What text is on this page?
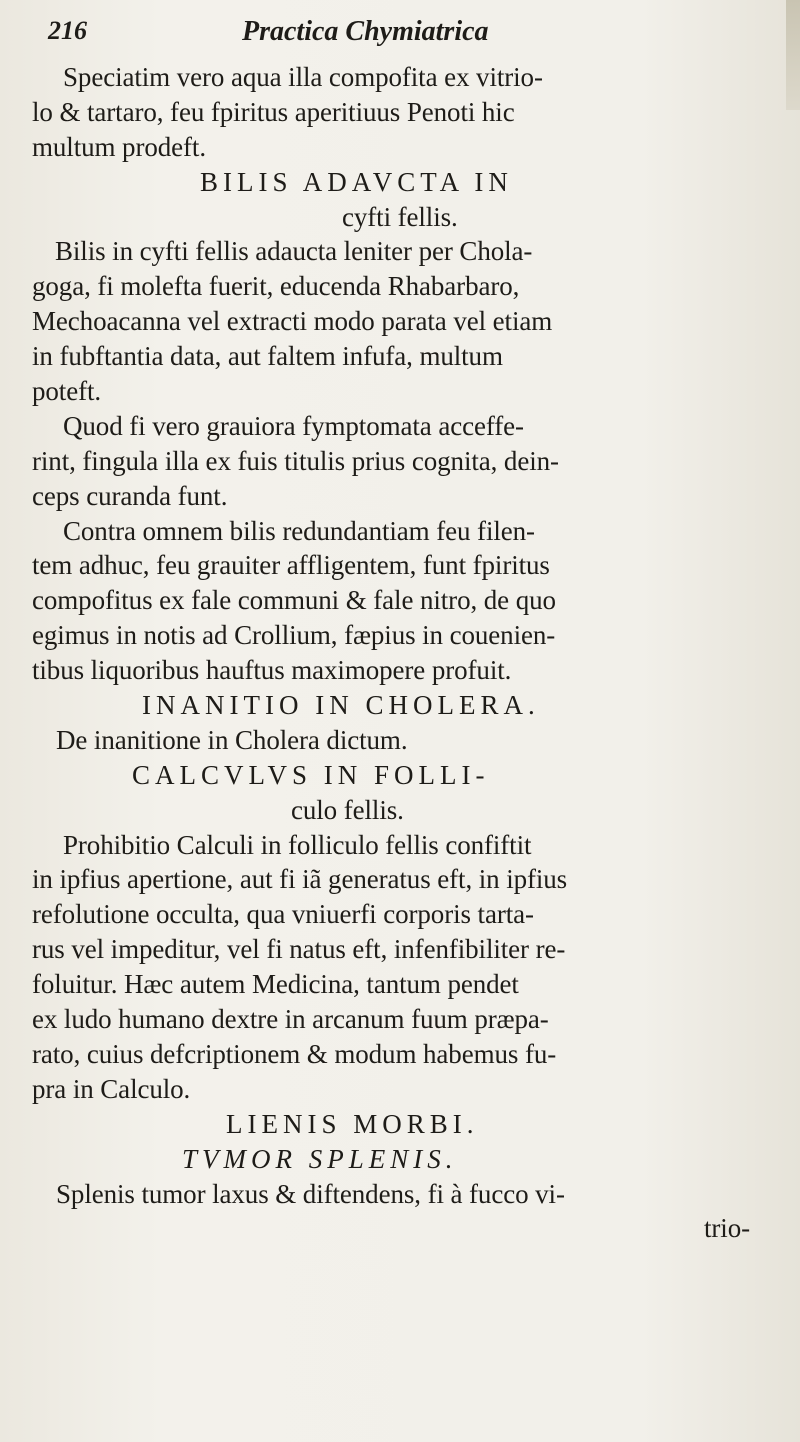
216	Practica Chymiatrica
Speciatim vero aqua illa compofita ex vitrio-
lo & tartaro, feu fpiritus aperitiuus Penoti hic
multum prodeft.
BILIS ADAVCTA IN
cyfti fellis.
Bilis in cyfti fellis adaucta leniter per Chola-
goga, fi molefta fuerit, educenda Rhabarbaro,
Mechoacanna vel extracti modo parata vel etiam
in fubftantia data, aut faltem infufa, multum
poteft.
Quod fi vero grauiora fymptomata acceffe-
rint, fingula illa ex fuis titulis prius cognita, dein-
ceps curanda funt.
Contra omnem bilis redundantiam feu filen-
tem adhuc, feu grauiter affligentem, funt fpiritus
compofitus ex fale communi & fale nitro, de quo
egimus in notis ad Crollium, fæpius in couenien-
tibus liquoribus hauftus maximopere profuit.
INANITIO IN CHOLERA.
De inanitione in Cholera dictum.
CALCVLVS IN FOLLI-
culo fellis.
Prohibitio Calculi in folliculo fellis confiftit
in ipfius apertione, aut fi iã generatus eft, in ipfius
refolutione occulta, qua vniuerfi corporis tarta-
rus vel impeditur, vel fi natus eft, infenfibiliter re-
foluitur. Hæc autem Medicina, tantum pendet
ex ludo humano dextre in arcanum fuum præpa-
rato, cuius defcriptionem & modum habemus fu-
pra in Calculo.
LIENIS MORBI.
TVMOR SPLENIS.
Splenis tumor laxus & diftendens, fi à fucco vi-
trio-
